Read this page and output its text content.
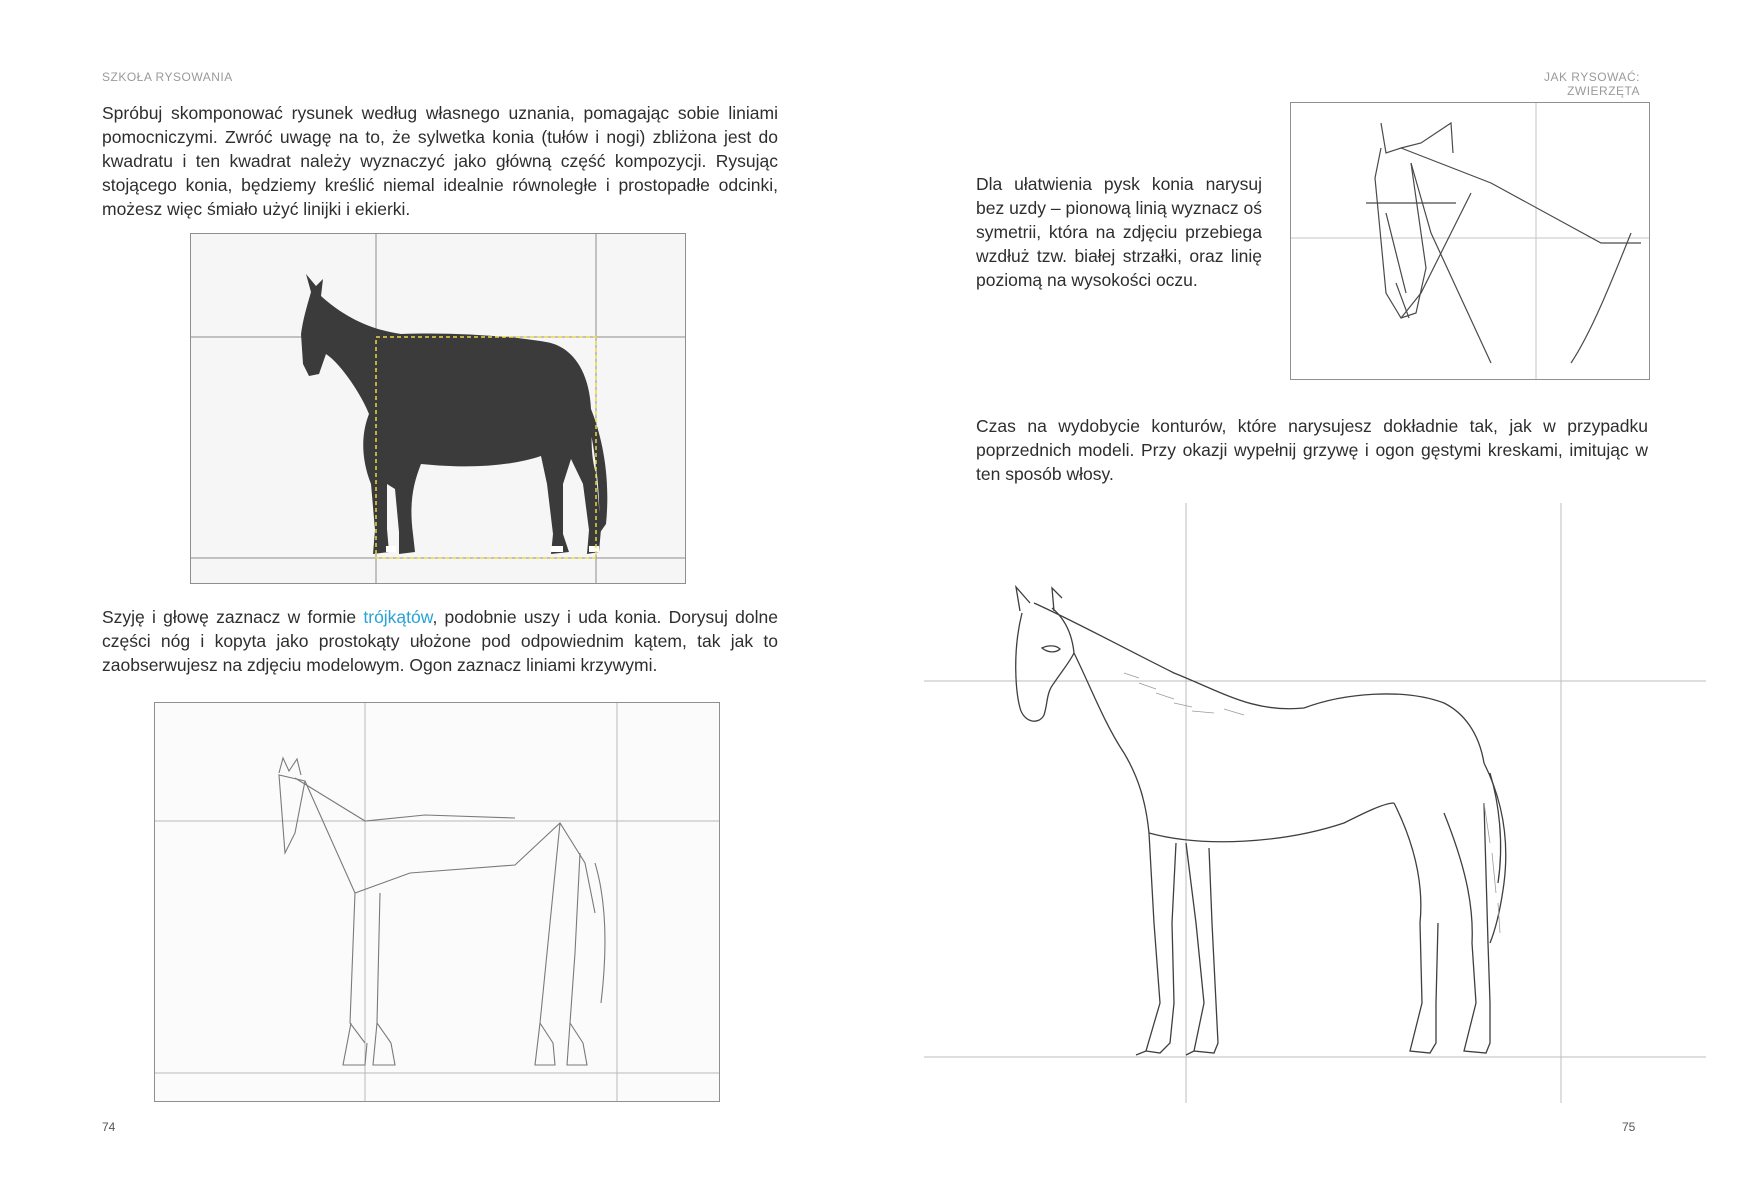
SZKOŁA RYSOWANIA
Spróbuj skomponować rysunek według własnego uznania, pomagając sobie liniami pomocniczymi. Zwróć uwagę na to, że sylwetka konia (tułów i nogi) zbliżona jest do kwadratu i ten kwadrat należy wyznaczyć jako główną część kompozycji. Rysując stojącego konia, będziemy kreślić niemal idealnie równoległe i prostopadłe odcinki, możesz więc śmiało użyć linijki i ekierki.
Szyję i głowę zaznacz w formie trójkątów, podobnie uszy i uda konia. Dorysuj dolne części nóg i kopyta jako prostokąty ułożone pod odpowiednim kątem, tak jak to zaobserwujesz na zdjęciu modelowym. Ogon zaznacz liniami krzywymi.
74
JAK RYSOWAĆ: ZWIERZĘTA
Dla ułatwienia pysk konia narysuj bez uzdy – pionową linią wyznacz oś symetrii, która na zdjęciu przebiega wzdłuż tzw. białej strzałki, oraz linię poziomą na wysokości oczu.
Czas na wydobycie konturów, które narysujesz dokładnie tak, jak w przypadku poprzednich modeli. Przy okazji wypełnij grzywę i ogon gęstymi kreskami, imitując w ten sposób włosy.
75
